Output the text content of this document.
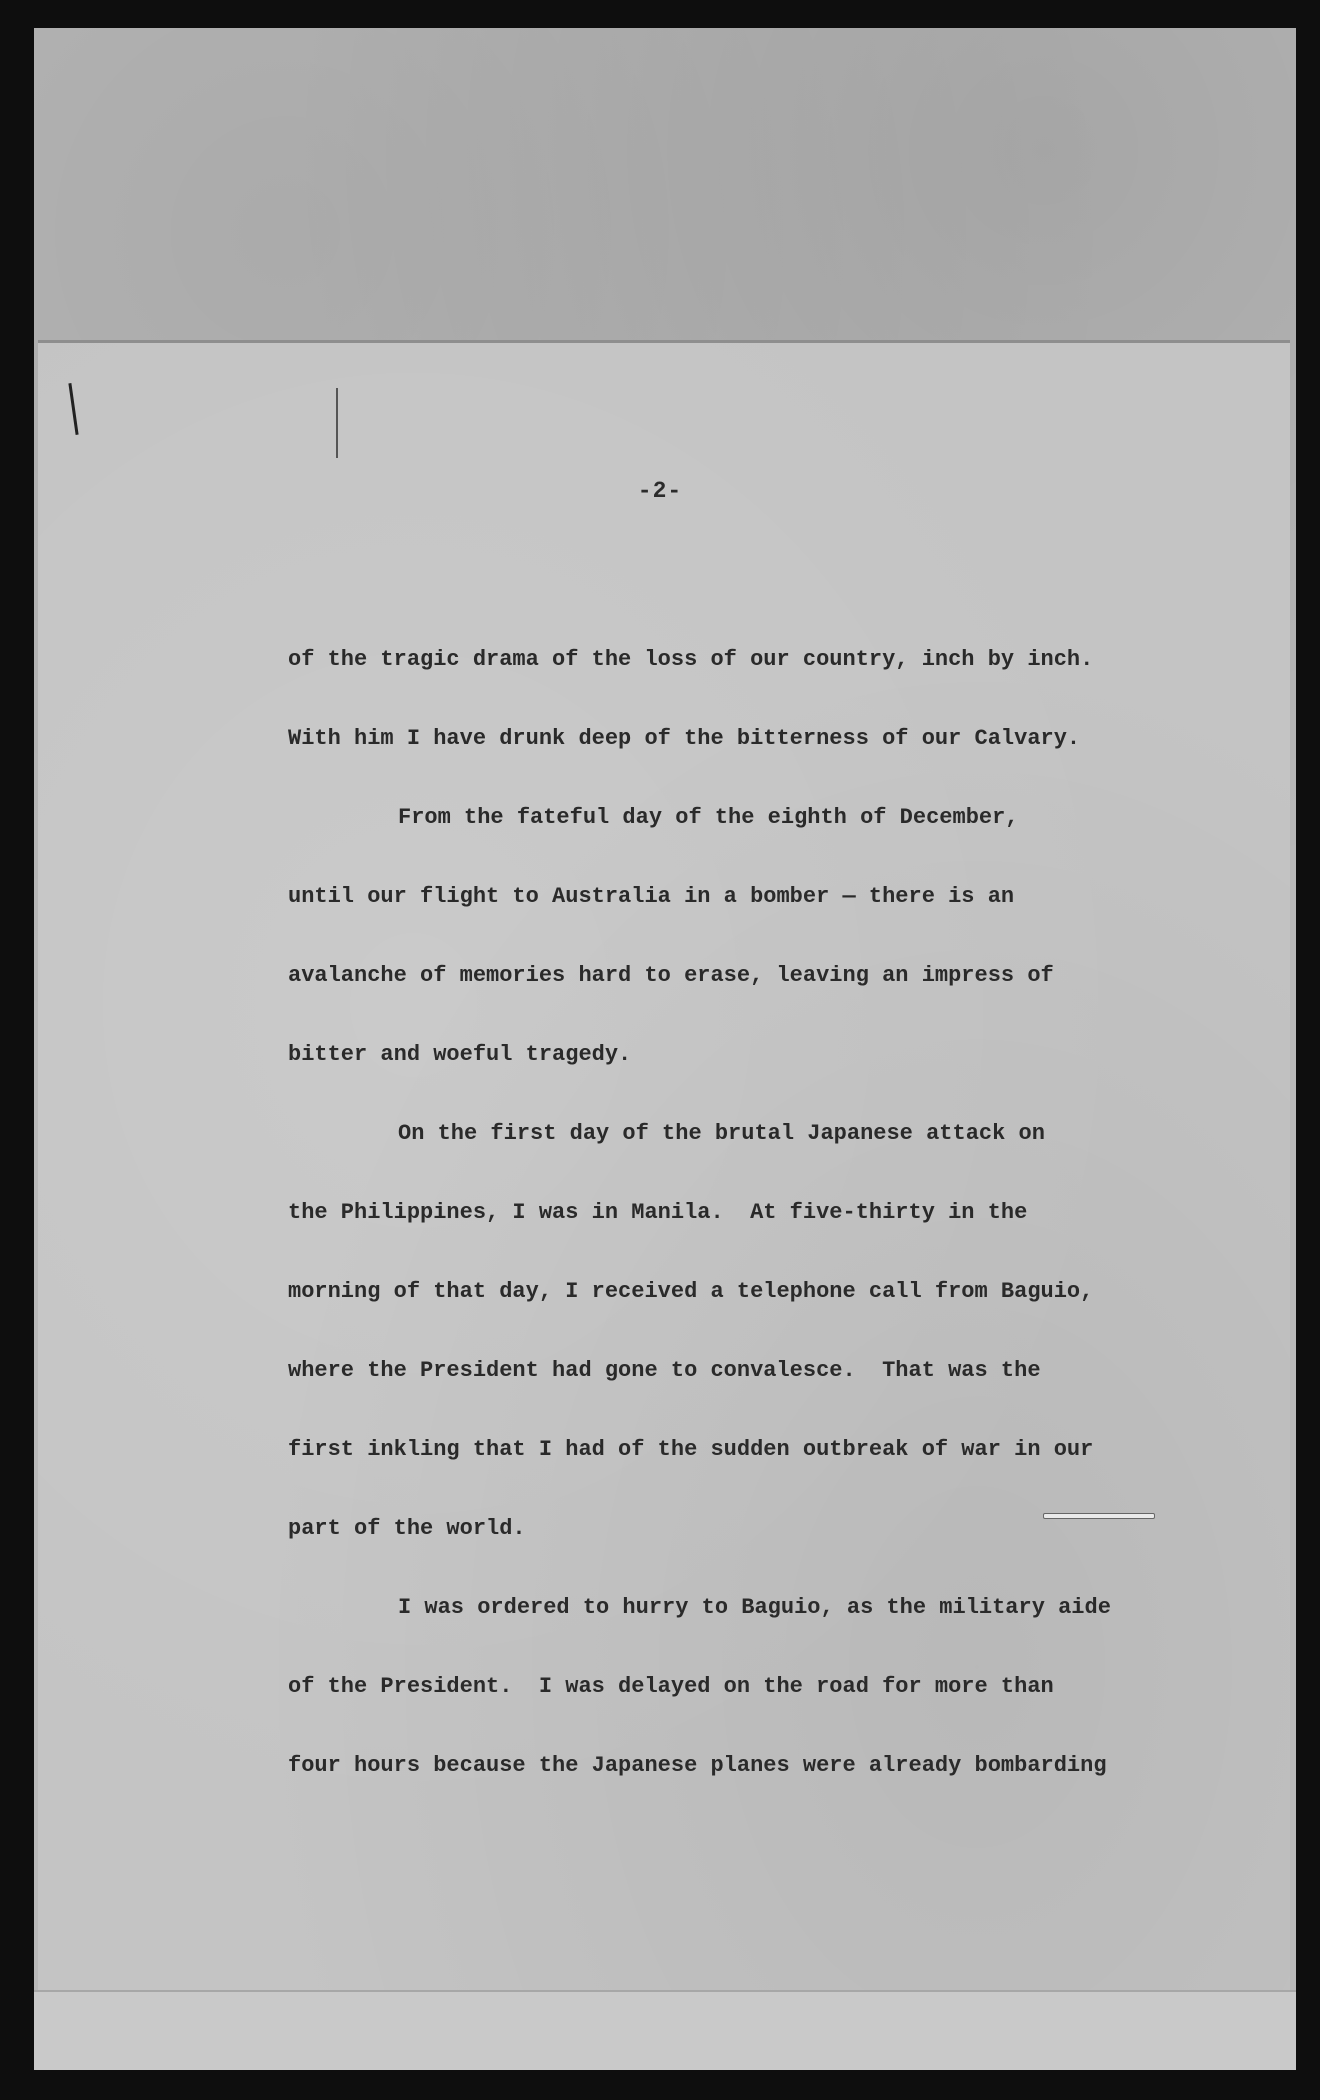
-2-
of the tragic drama of the loss of our country, inch by inch.
With him I have drunk deep of the bitterness of our Calvary.
From the fateful day of the eighth of December,
until our flight to Australia in a bomber — there is an
avalanche of memories hard to erase, leaving an impress of
bitter and woeful tragedy.
On the first day of the brutal Japanese attack on
the Philippines, I was in Manila.  At five-thirty in the
morning of that day, I received a telephone call from Baguio,
where the President had gone to convalesce.  That was the
first inkling that I had of the sudden outbreak of war in our
part of the world.
I was ordered to hurry to Baguio, as the military aide
of the President.  I was delayed on the road for more than
four hours because the Japanese planes were already bombarding
